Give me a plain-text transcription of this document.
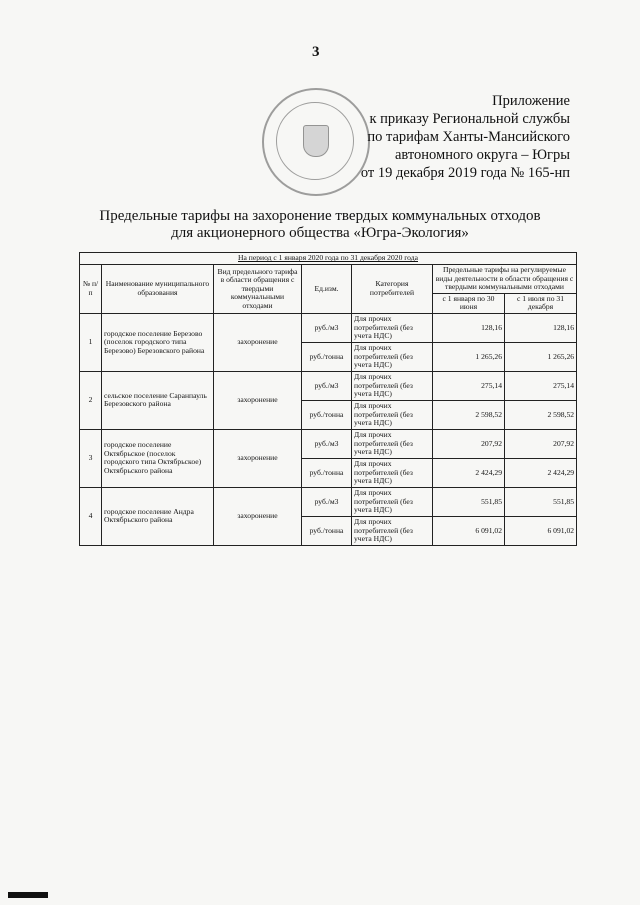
3
Приложение
к приказу Региональной службы
по тарифам Ханты-Мансийского
автономного округа – Югры
от 19 декабря 2019 года № 165-нп
Предельные тарифы на захоронение твердых коммунальных отходов
для акционерного общества «Югра-Экология»
На период с 1 января 2020 года по 31 декабря 2020 года						
№ п/п	Наименование муниципального образования	Вид предельного тарифа в области обращения с твердыми коммунальными отходами	Ед.изм.	Категория потребителей	Предельные тарифы на регулируемые виды деятельности в области обращения с твердыми коммунальными отходами	
					с 1 января по 30 июня	с 1 июля по 31 декабря
1	городское поселение Березово (поселок городского типа Березово) Березовского района	захоронение	руб./м3	Для прочих потребителей (без учета НДС)	128,16	128,16
			руб./тонна	Для прочих потребителей (без учета НДС)	1 265,26	1 265,26
2	сельское поселение Саранпауль Березовского района	захоронение	руб./м3	Для прочих потребителей (без учета НДС)	275,14	275,14
			руб./тонна	Для прочих потребителей (без учета НДС)	2 598,52	2 598,52
3	городское поселение Октябрьское (поселок городского типа Октябрьское) Октябрьского района	захоронение	руб./м3	Для прочих потребителей (без учета НДС)	207,92	207,92
			руб./тонна	Для прочих потребителей (без учета НДС)	2 424,29	2 424,29
4	городское поселение Андра Октябрьского района	захоронение	руб./м3	Для прочих потребителей (без учета НДС)	551,85	551,85
			руб./тонна	Для прочих потребителей (без учета НДС)	6 091,02	6 091,02
